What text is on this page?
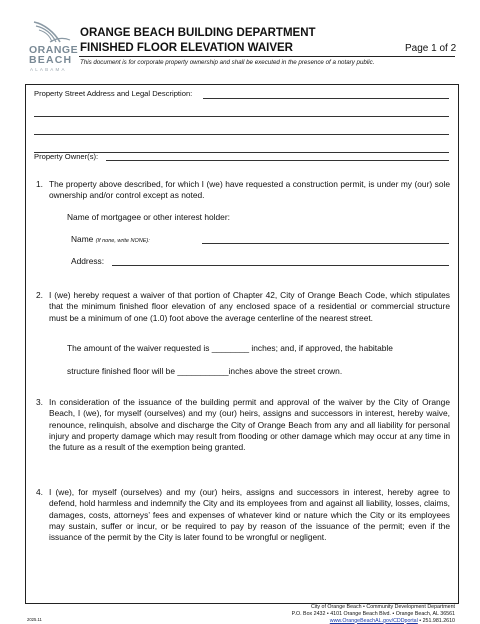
ORANGE
BEACH
ALABAMA
ORANGE BEACH BUILDING DEPARTMENT
FINISHED FLOOR ELEVATION WAIVER	Page 1 of 2
This document is for corporate property ownership and shall be executed in the presence of a notary public.
Property Street Address and Legal Description:
Property Owner(s):
1. The property above described, for which I (we) have requested a construction permit, is under my (our) sole ownership and/or control except as noted.
Name of mortgagee or other interest holder:
Name (If none, write NONE):
Address:
2. I (we) hereby request a waiver of that portion of Chapter 42, City of Orange Beach Code, which stipulates that the minimum finished floor elevation of any enclosed space of a residential or commercial structure must be a minimum of one (1.0) foot above the average centerline of the nearest street.
The amount of the waiver requested is ________ inches; and, if approved, the habitable
structure finished floor will be ___________inches above the street crown.
3. In consideration of the issuance of the building permit and approval of the waiver by the City of Orange Beach, I (we), for myself (ourselves) and my (our) heirs, assigns and successors in interest, hereby waive, renounce, relinquish, absolve and discharge the City of Orange Beach from any and all liability for personal injury and property damage which may result from flooding or other damage which may occur at any time in the future as a result of the exemption being granted.
4. I (we), for myself (ourselves) and my (our) heirs, assigns and successors in interest, hereby agree to defend, hold harmless and indemnify the City and its employees from and against all liability, losses, claims, damages, costs, attorneys’ fees and expenses of whatever kind or nature which the City or its employees may sustain, suffer or incur, or be required to pay by reason of the issuance of the permit; even if the issuance of the permit by the City is later found to be wrongful or negligent.
City of Orange Beach • Community Development Department
P.O. Box 2432 • 4101 Orange Beach Blvd. • Orange Beach, AL 36561
www.OrangeBeachAL.gov/CDDportal • 251.981.2610
2025.11
